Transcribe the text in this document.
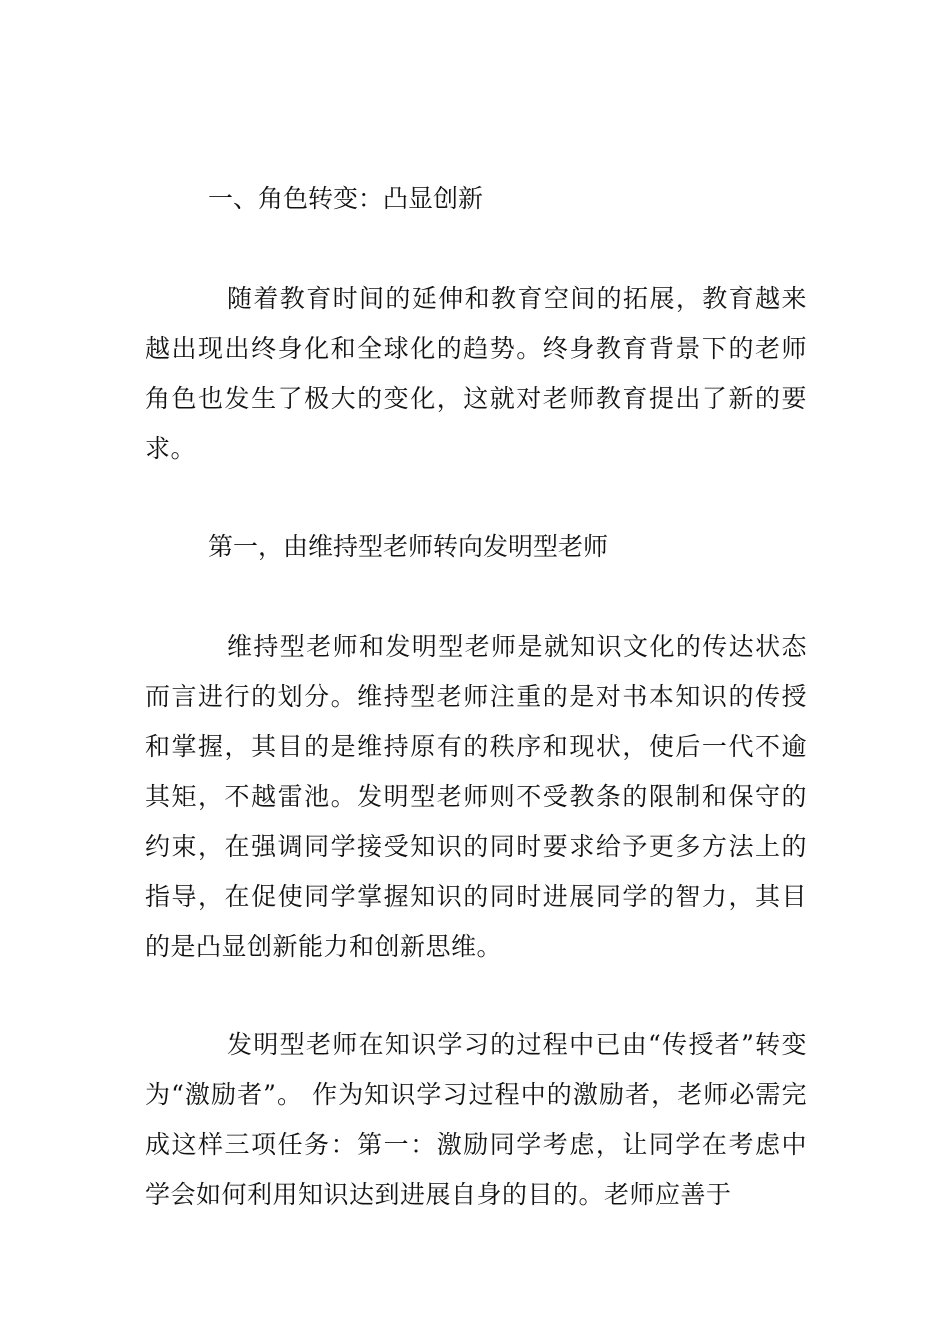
一、角色转变：凸显创新

随着教育时间的延伸和教育空间的拓展，教育越来越出现出终身化和全球化的趋势。终身教育背景下的老师角色也发生了极大的变化，这就对老师教育提出了新的要求。

第一，由维持型老师转向发明型老师

维持型老师和发明型老师是就知识文化的传达状态而言进行的划分。维持型老师注重的是对书本知识的传授和掌握，其目的是维持原有的秩序和现状，使后一代不逾其矩，不越雷池。发明型老师则不受教条的限制和保守的约束，在强调同学接受知识的同时要求给予更多方法上的指导，在促使同学掌握知识的同时进展同学的智力，其目的是凸显创新能力和创新思维。

发明型老师在知识学习的过程中已由“传授者”转变为“激励者”。 作为知识学习过程中的激励者，老师必需完成这样三项任务：第一：激励同学考虑，让同学在考虑中学会如何利用知识达到进展自身的目的。老师应善于
